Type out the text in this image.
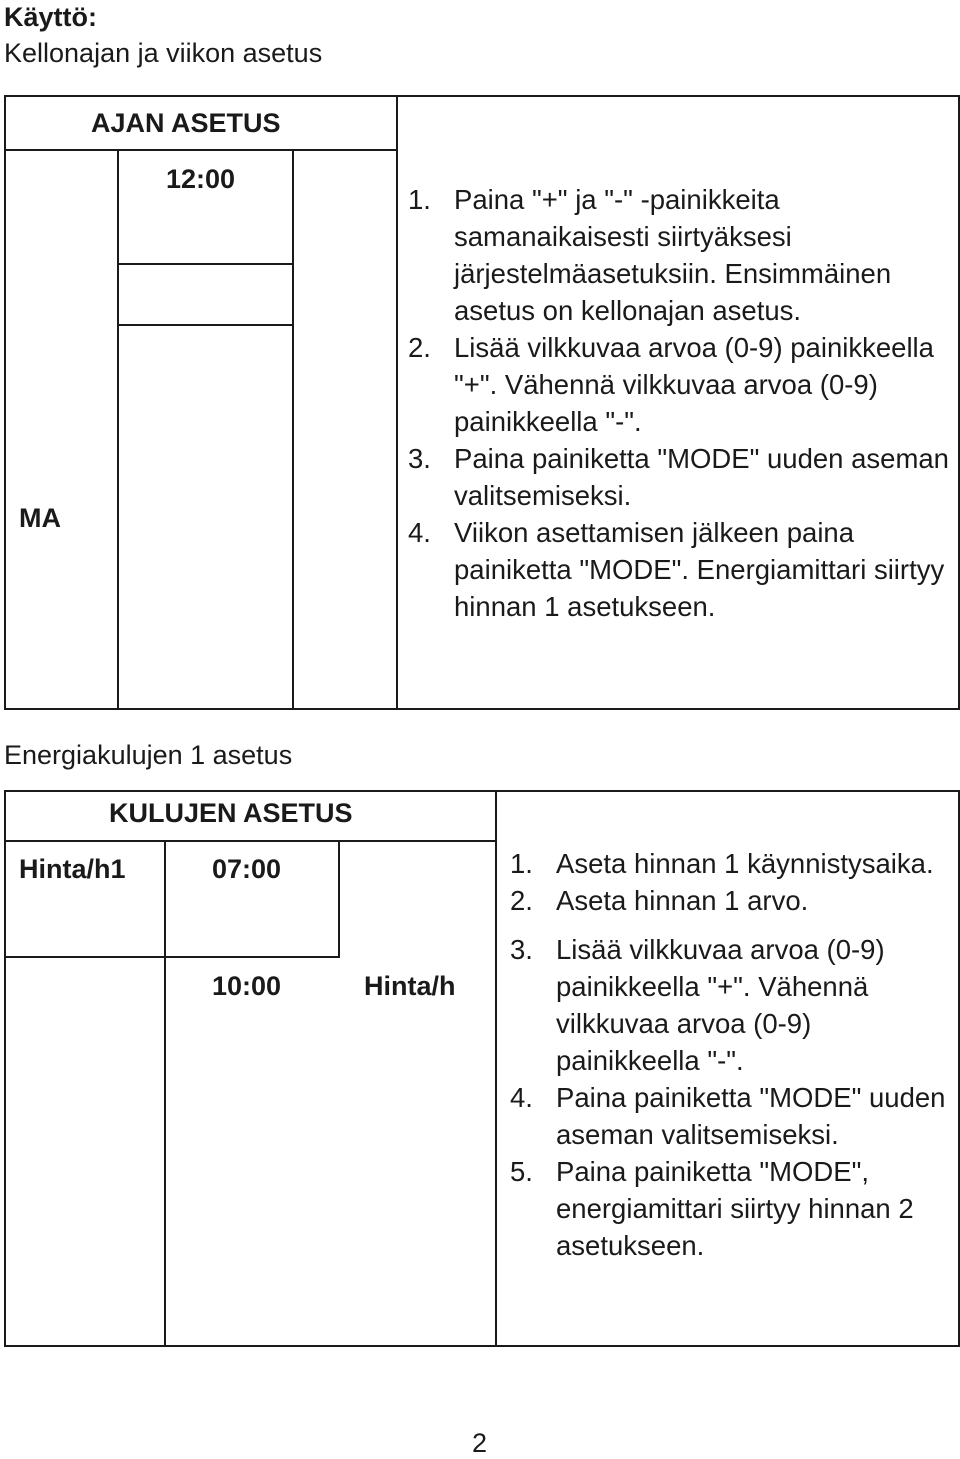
Käyttö:
Kellonajan ja viikon asetus
AJAN ASETUS
12:00
MA
1. Paina "+" ja "-" -painikkeita samanaikaisesti siirtyäksesi järjestelmäasetuksiin. Ensimmäinen asetus on kellonajan asetus.
2. Lisää vilkkuvaa arvoa (0-9) painikkeella "+". Vähennä vilkkuvaa arvoa (0-9) painikkeella "-".
3. Paina painiketta "MODE" uuden aseman valitsemiseksi.
4. Viikon asettamisen jälkeen paina painiketta "MODE". Energiamittari siirtyy hinnan 1 asetukseen.
Energiakulujen 1 asetus
KULUJEN ASETUS
Hinta/h1	07:00
10:00	Hinta/h
1. Aseta hinnan 1 käynnistysaika.
2. Aseta hinnan 1 arvo.
3. Lisää vilkkuvaa arvoa (0-9) painikkeella "+". Vähennä vilkkuvaa arvoa (0-9) painikkeella "-".
4. Paina painiketta "MODE" uuden aseman valitsemiseksi.
5. Paina painiketta "MODE", energiamittari siirtyy hinnan 2 asetukseen.
2
